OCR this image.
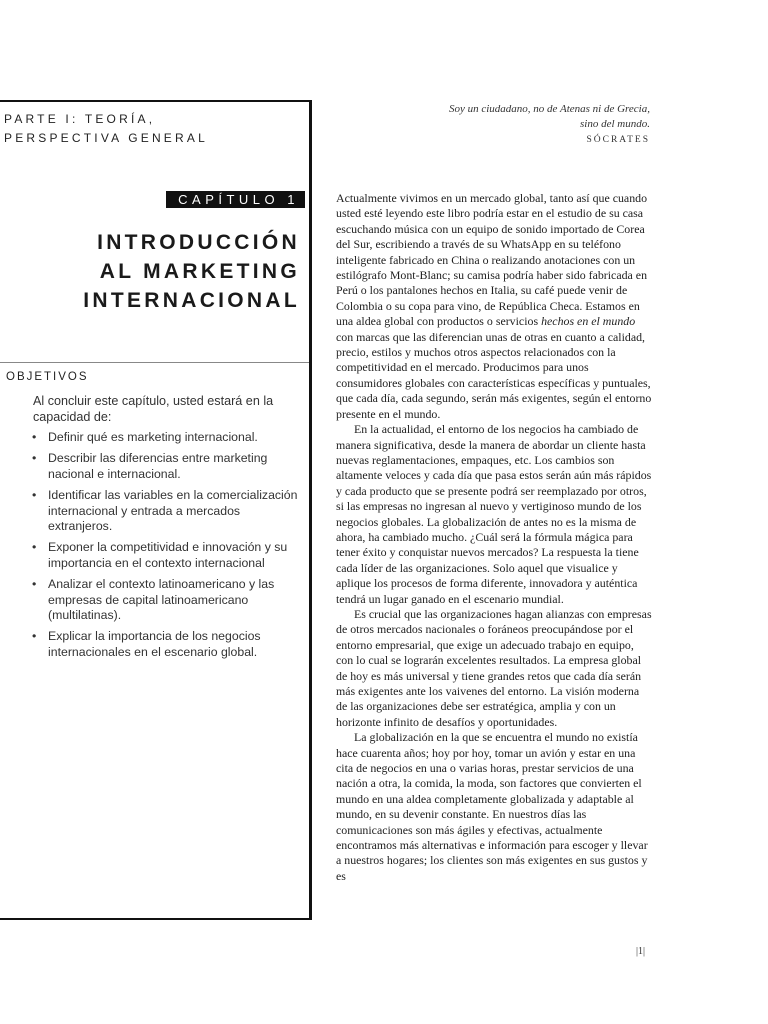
PARTE I: TEORÍA,
PERSPECTIVA GENERAL
CAPÍTULO 1
INTRODUCCIÓN
AL MARKETING
INTERNACIONAL
OBJETIVOS
Al concluir este capítulo, usted estará en la capacidad de:
• Definir qué es marketing internacional.
• Describir las diferencias entre marketing nacional e internacional.
• Identificar las variables en la comercialización internacional y entrada a mercados extranjeros.
• Exponer la competitividad e innovación y su importancia en el contexto internacional
• Analizar el contexto latinoamericano y las empresas de capital latinoamericano (multilatinas).
• Explicar la importancia de los negocios internacionales en el escenario global.
Soy un ciudadano, no de Atenas ni de Grecia, sino del mundo.
SÓCRATES

Actualmente vivimos en un mercado global, tanto así que cuando usted esté leyendo este libro podría estar en el estudio de su casa escuchando música con un equipo de sonido importado de Corea del Sur, escribiendo a través de su WhatsApp en su teléfono inteligente fabricado en China o realizando anotaciones con un estilógrafo Mont-Blanc; su camisa podría haber sido fabricada en Perú o los pantalones hechos en Italia, su café puede venir de Colombia o su copa para vino, de República Checa. Estamos en una aldea global con productos o servicios hechos en el mundo con marcas que las diferencian unas de otras en cuanto a calidad, precio, estilos y muchos otros aspectos relacionados con la competitividad en el mercado. Producimos para unos consumidores globales con características específicas y puntuales, que cada día, cada segundo, serán más exigentes, según el entorno presente en el mundo.

En la actualidad, el entorno de los negocios ha cambiado de manera significativa, desde la manera de abordar un cliente hasta nuevas reglamentaciones, empaques, etc. Los cambios son altamente veloces y cada día que pasa estos serán aún más rápidos y cada producto que se presente podrá ser reemplazado por otros, si las empresas no ingresan al nuevo y vertiginoso mundo de los negocios globales. La globalización de antes no es la misma de ahora, ha cambiado mucho. ¿Cuál será la fórmula mágica para tener éxito y conquistar nuevos mercados? La respuesta la tiene cada líder de las organizaciones. Solo aquel que visualice y aplique los procesos de forma diferente, innovadora y auténtica tendrá un lugar ganado en el escenario mundial.

Es crucial que las organizaciones hagan alianzas con empresas de otros mercados nacionales o foráneos preocupándose por el entorno empresarial, que exige un adecuado trabajo en equipo, con lo cual se lograrán excelentes resultados. La empresa global de hoy es más universal y tiene grandes retos que cada día serán más exigentes ante los vaivenes del entorno. La visión moderna de las organizaciones debe ser estratégica, amplia y con un horizonte infinito de desafíos y oportunidades.

La globalización en la que se encuentra el mundo no existía hace cuarenta años; hoy por hoy, tomar un avión y estar en una cita de negocios en una o varias horas, prestar servicios de una nación a otra, la comida, la moda, son factores que convierten el mundo en una aldea completamente globalizada y adaptable al mundo, en su devenir constante. En nuestros días las comunicaciones son más ágiles y efectivas, actualmente encontramos más alternativas e información para escoger y llevar a nuestros hogares; los clientes son más exigentes en sus gustos y es

|1|
